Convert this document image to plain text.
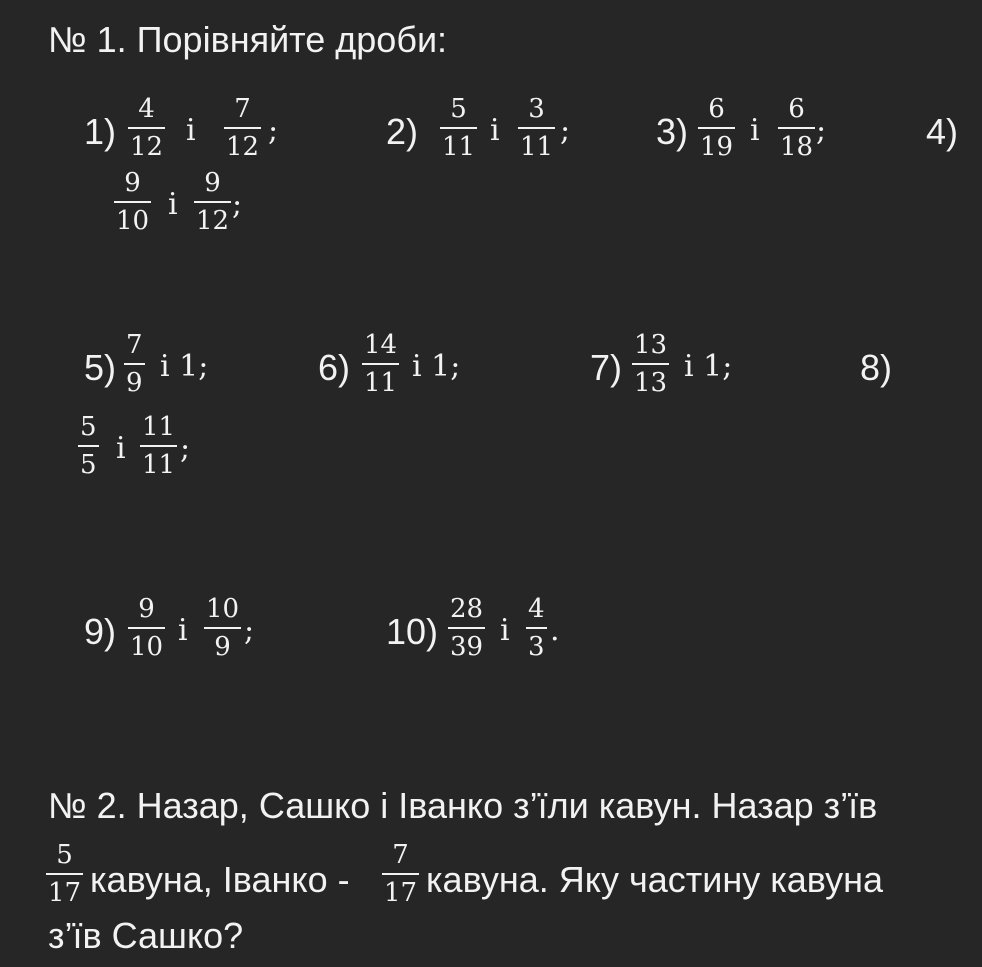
№ 1. Порівняйте дроби:
1)
4
12 і
7
12 ;	2)
5
11 і
3
11 ; 3)
6
19 і
6
18 ;	4)
9
10 і
9
12 ;
5)
7
9 і 1;	6)
14
11 і 1;	7)
13
13 і 1;	8)
5
5 і
11
11 ;
9)
9
10 і
10
9 ;	10)
28
39 і
4
3 .
№ 2. Назар, Сашко і Іванко з’їли кавун. Назар з’їв
5
17 кавуна, Іванко -
7
17 кавуна. Яку частину кавуна
з’їв Сашко?
